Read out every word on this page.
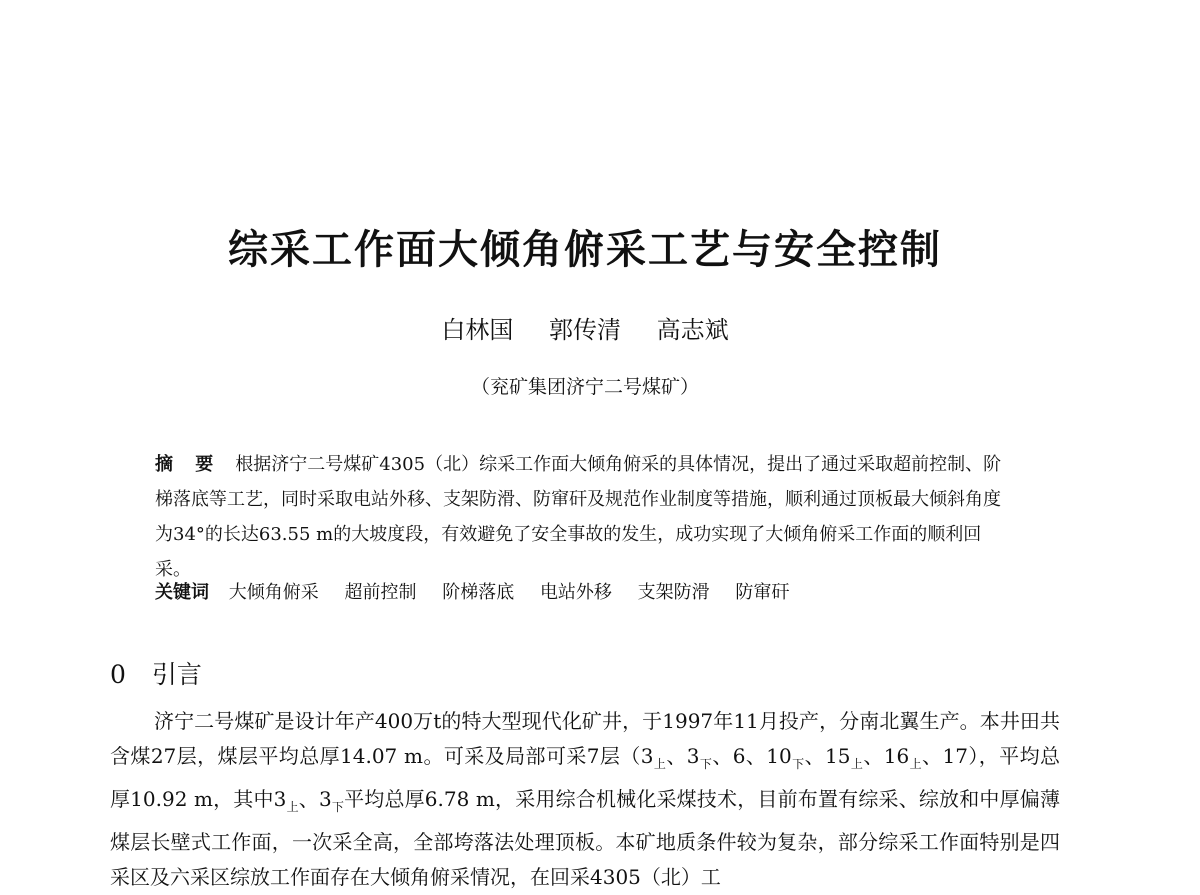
综采工作面大倾角俯采工艺与安全控制
白林国 郭传清 高志斌
（兖矿集团济宁二号煤矿）
摘 要 根据济宁二号煤矿4305（北）综采工作面大倾角俯采的具体情况，提出了通过采取超前控制、阶梯落底等工艺，同时采取电站外移、支架防滑、防窜矸及规范作业制度等措施，顺利通过顶板最大倾斜角度为34°的长达63.55 m的大坡度段，有效避免了安全事故的发生，成功实现了大倾角俯采工作面的顺利回采。
关键词 大倾角俯采 超前控制 阶梯落底 电站外移 支架防滑 防窜矸
0 引言
济宁二号煤矿是设计年产400万t的特大型现代化矿井，于1997年11月投产，分南北翼生产。本井田共含煤27层，煤层平均总厚14.07 m。可采及局部可采7层（$3_上$、$3_下$、6、$10_下$、$15_上$、$16_上$、17），平均总厚10.92 m，其中$3_上$、$3_下$平均总厚6.78 m，采用综合机械化采煤技术，目前布置有综采、综放和中厚偏薄煤层长壁式工作面，一次采全高，全部垮落法处理顶板。本矿地质条件较为复杂，部分综采工作面特别是四采区及六采区综放工作面存在大倾角俯采情况，在回采4305（北）工
